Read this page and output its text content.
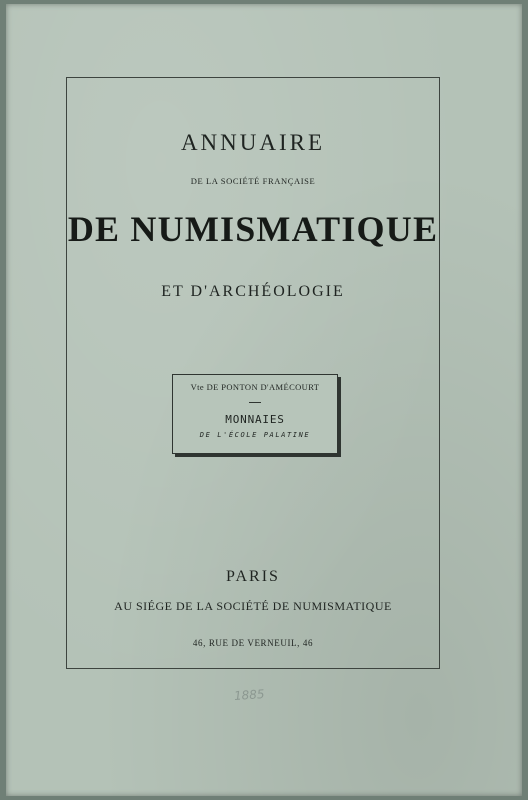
ANNUAIRE
DE LA SOCIÉTÉ FRANÇAISE
DE NUMISMATIQUE
ET D'ARCHÉOLOGIE
Vte DE PONTON D'AMÉCOURT
MONNAIES
DE L'ÉCOLE PALATINE
PARIS
AU SIÉGE DE LA SOCIÉTÉ DE NUMISMATIQUE
46, RUE DE VERNEUIL, 46
1885
